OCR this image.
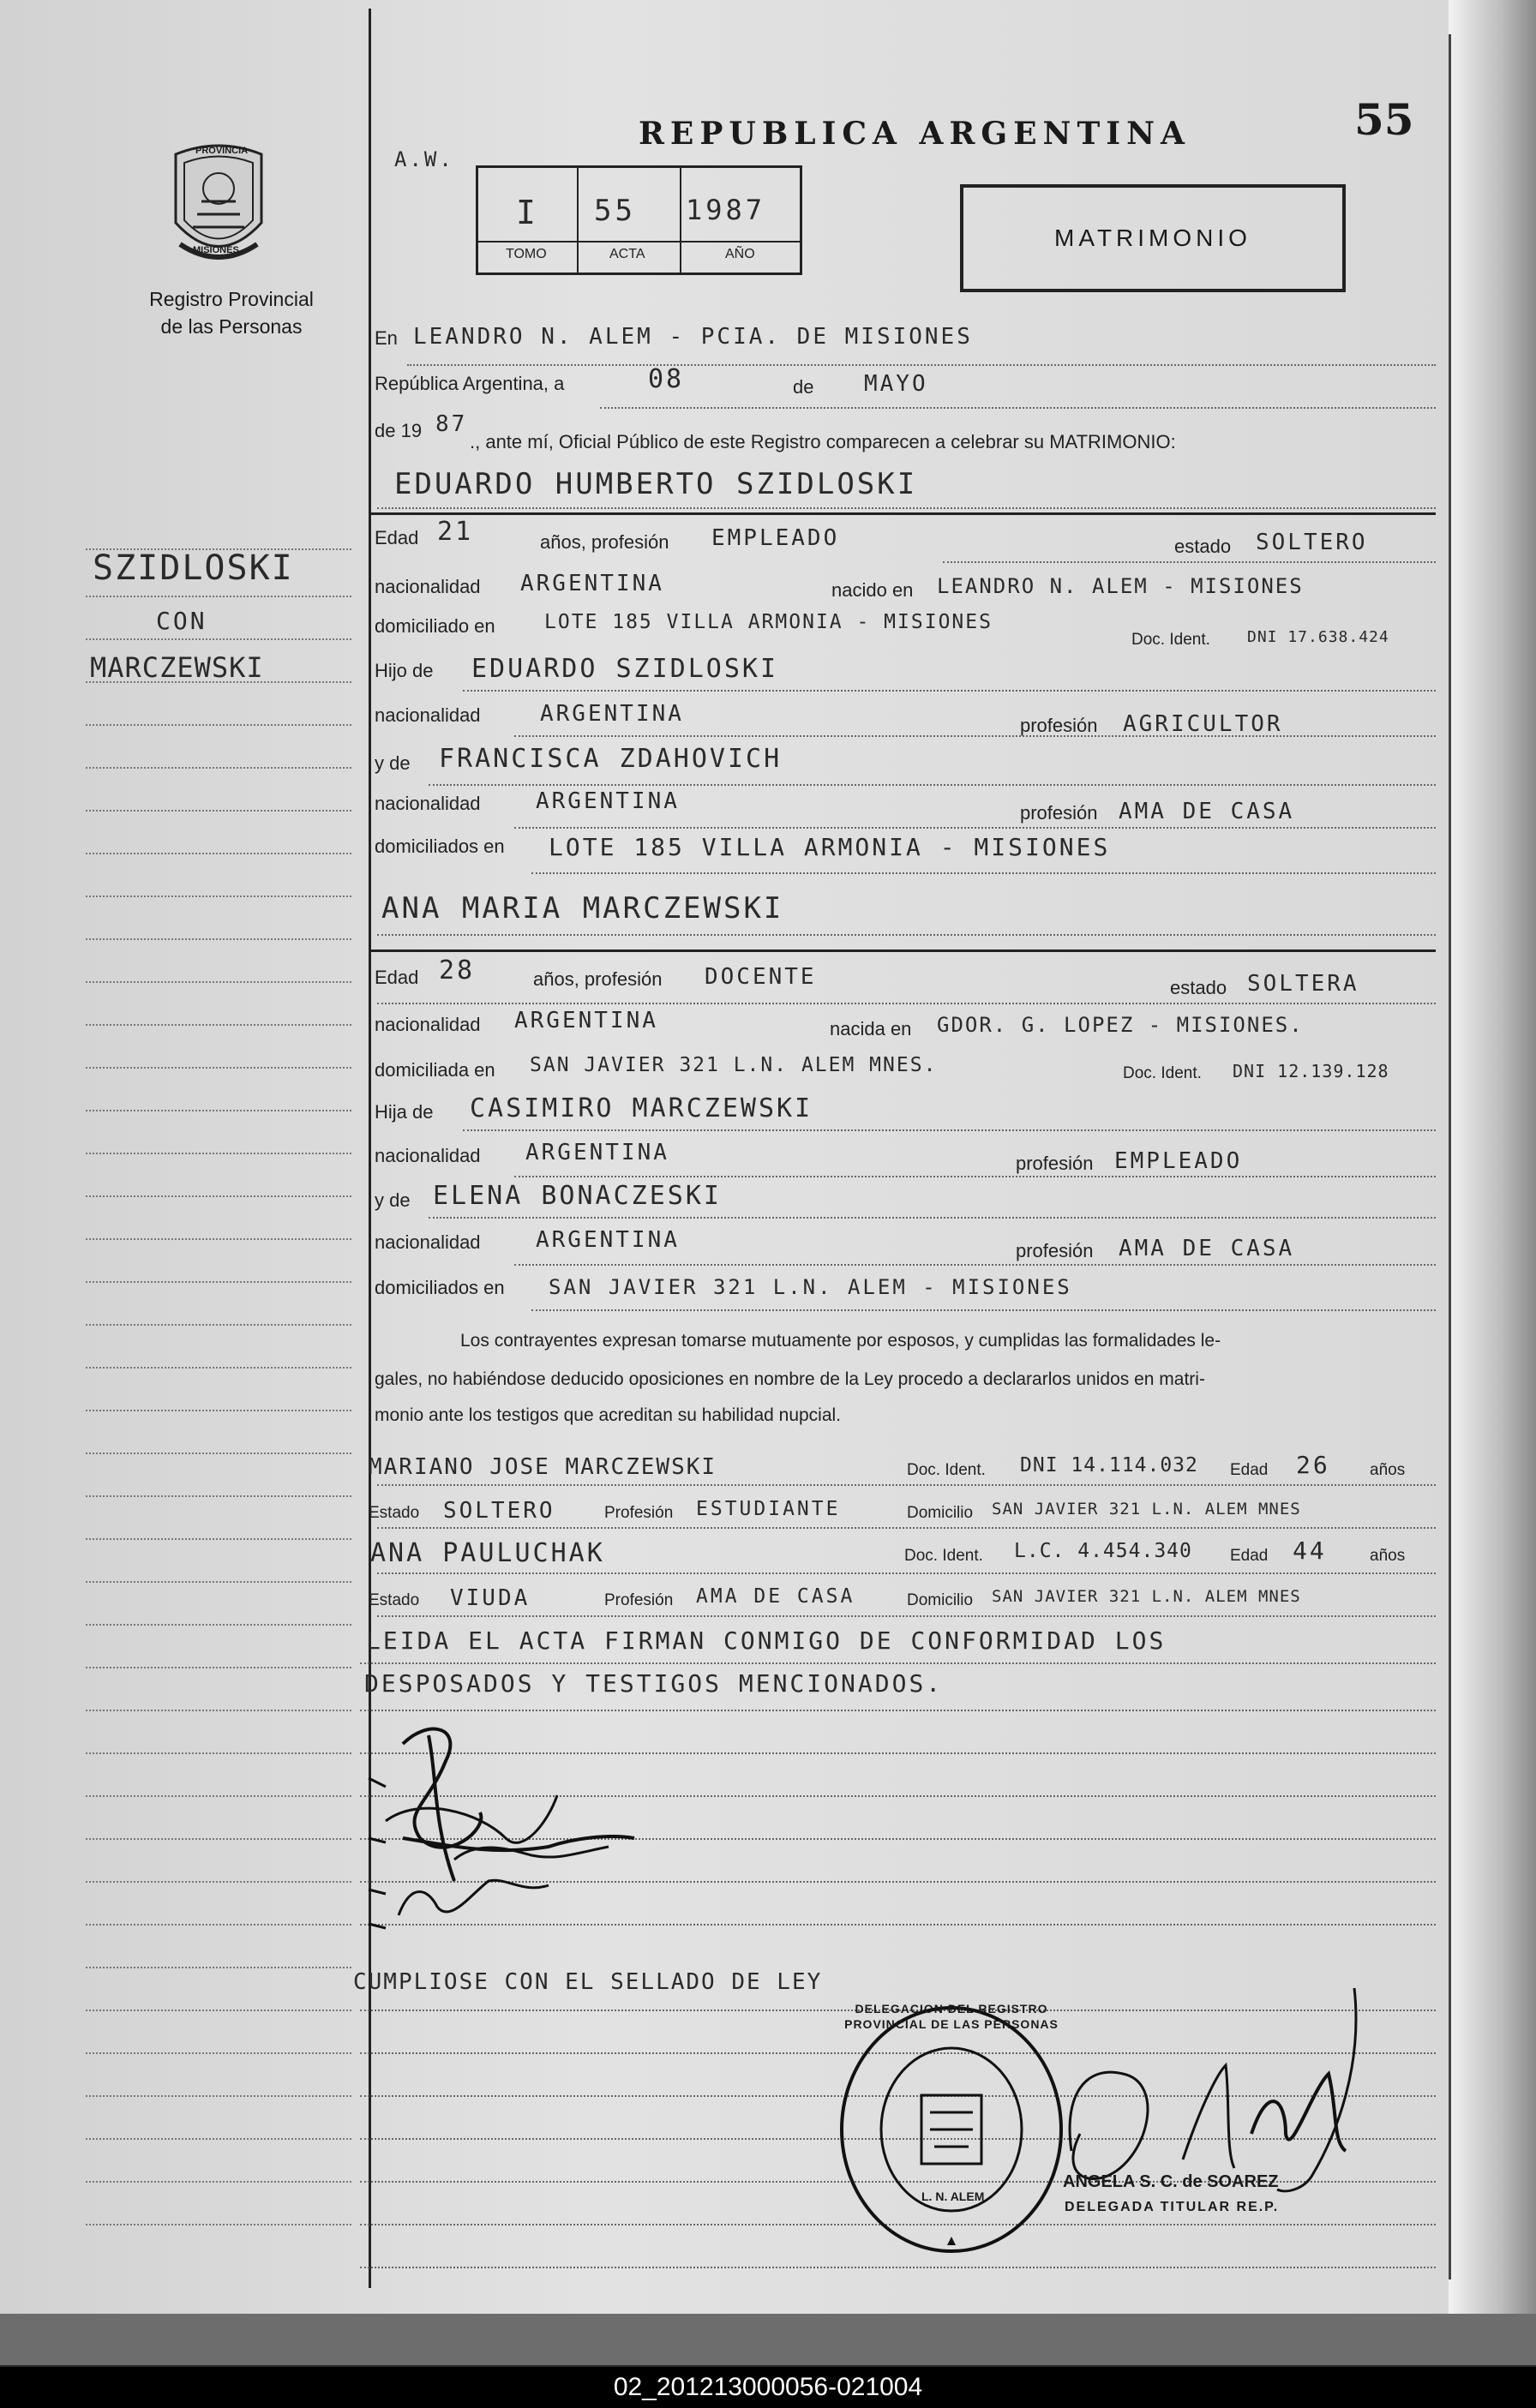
55
REPUBLICA ARGENTINA
A.W.
PROVINCIA
MISIONES
Registro Provincial
de las Personas
I 55 1987
TOMO	ACTA	AÑO
MATRIMONIO
SZIDLOSKI
CON
MARCZEWSKI
En LEANDRO N. ALEM - PCIA. DE MISIONES
República Argentina, a	08	de MAYO
de 19 87
., ante mí, Oficial Público de este Registro comparecen a celebrar su MATRIMONIO:
EDUARDO HUMBERTO SZIDLOSKI
Edad 21	años, profesión EMPLEADO	estado SOLTERO
nacionalidad ARGENTINA	nacido en LEANDRO N. ALEM - MISIONES
domiciliado en LOTE 185 VILLA ARMONIA - MISIONES
Doc. Ident. DNI 17.638.424
Hijo de EDUARDO SZIDLOSKI
nacionalidad	ARGENTINA	profesión AGRICULTOR
y de FRANCISCA ZDAHOVICH
nacionalidad ARGENTINA	profesión AMA DE CASA
domiciliados en LOTE 185 VILLA ARMONIA - MISIONES
ANA MARIA MARCZEWSKI
Edad 28	años, profesión DOCENTE	estado SOLTERA
nacionalidad ARGENTINA	nacida en GDOR. G. LOPEZ - MISIONES.
domiciliada en SAN JAVIER 321 L.N. ALEM MNES.	Doc. Ident. DNI 12.139.128
Hija de CASIMIRO MARCZEWSKI
nacionalidad ARGENTINA	profesión EMPLEADO
y de ELENA BONACZESKI
nacionalidad ARGENTINA	profesión AMA DE CASA
domiciliados en SAN JAVIER 321 L.N. ALEM - MISIONES
Los contrayentes expresan tomarse mutuamente por esposos, y cumplidas las formalidades le-
gales, no habiéndose deducido oposiciones en nombre de la Ley procedo a declararlos unidos en matri-
monio ante los testigos que acreditan su habilidad nupcial.
MARIANO JOSE MARCZEWSKI	Doc. Ident. DNI 14.114.032 Edad 26 años
Estado SOLTERO	Profesión ESTUDIANTE	Domicilio SAN JAVIER 321 L.N. ALEM MNES
ANA PAULUCHAK	Doc. Ident. L.C. 4.454.340 Edad 44	años
Estado VIUDA	Profesión AMA DE CASA	Domicilio SAN JAVIER 321 L.N. ALEM MNES
LEIDA EL ACTA FIRMAN CONMIGO DE CONFORMIDAD LOS
DESPOSADOS Y TESTIGOS MENCIONADOS.
CUMPLIOSE CON EL SELLADO DE LEY
DELEGACION DEL REGISTRO PROVINCIAL DE LAS PERSONAS
L. N. ALEM
ANGELA S. C. de SOAREZ
DELEGADA TITULAR RE.P.
02_201213000056-021004
